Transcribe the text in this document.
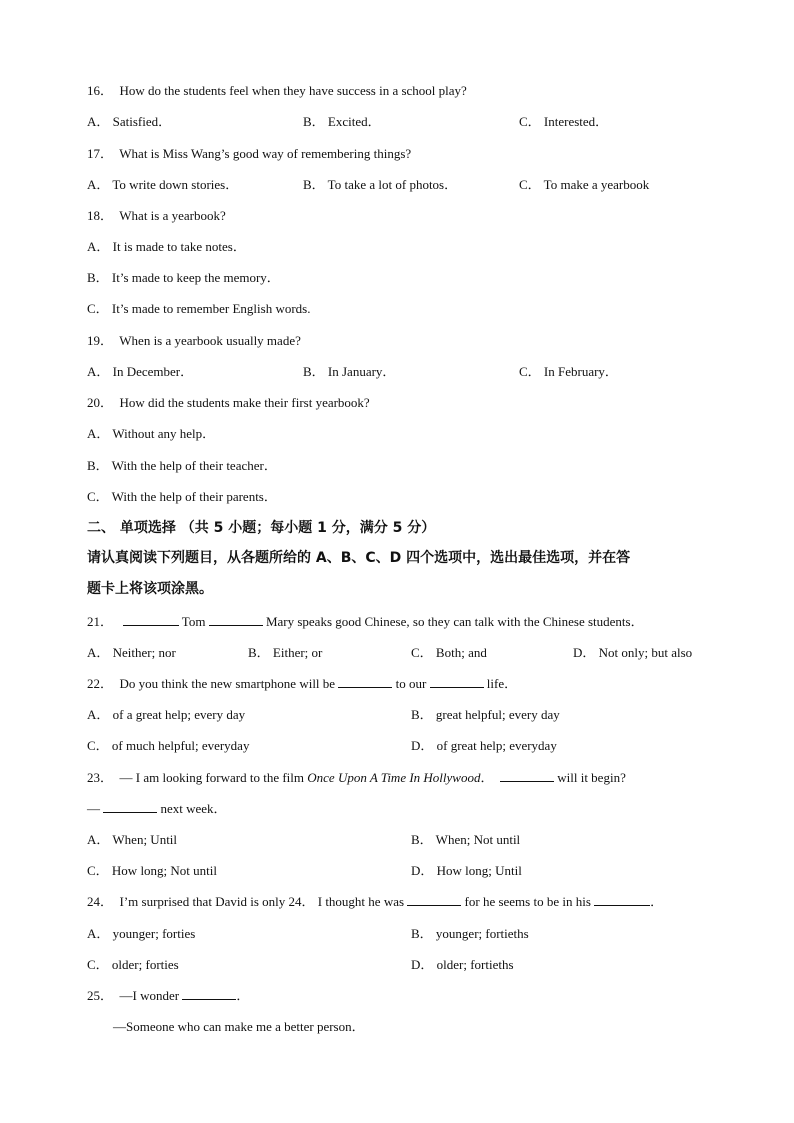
16． How do the students feel when they have success in a school play?
A． Satisfied．	B． Excited．	C． Interested．
17． What is Miss Wang’s good way of remembering things?
A． To write down stories．	B． To take a lot of photos．	C． To make a yearbook
18． What is a yearbook?
A． It is made to take notes．
B． It’s made to keep the memory．
C． It’s made to remember English words.
19． When is a yearbook usually made?
A． In December．	B． In January．	C． In February．
20． How did the students make their first yearbook?
A． Without any help．
B． With the help of their teacher．
C． With the help of their parents．
二、 单项选择 （共 5 小题；每小题 1 分，满分 5 分）
请认真阅读下列题目，从各题所给的 A、B、C、D 四个选项中，选出最佳选项，并在答
题卡上将该项涂黑。
21．	Tom	Mary speaks good Chinese, so they can talk with the Chinese students．
A． Neither; nor	B． Either; or	C． Both; and	D． Not only; but also
22． Do you think the new smartphone will be	to our	life．
A． of a great help; every day	B． great helpful; every day
C． of much helpful; everyday	D． of great help; everyday
23． — I am looking forward to the film Once Upon A Time In Hollywood．	will it begin?
—	next week．
A． When; Until	B． When; Not until
C． How long; Not until	D． How long; Until
24． I’m surprised that David is only 24． I thought he was	for he seems to be in his	．
A． younger; forties	B． younger; fortieths
C． older; forties	D． older; fortieths
25． —I wonder	．
—Someone who can make me a better person．
